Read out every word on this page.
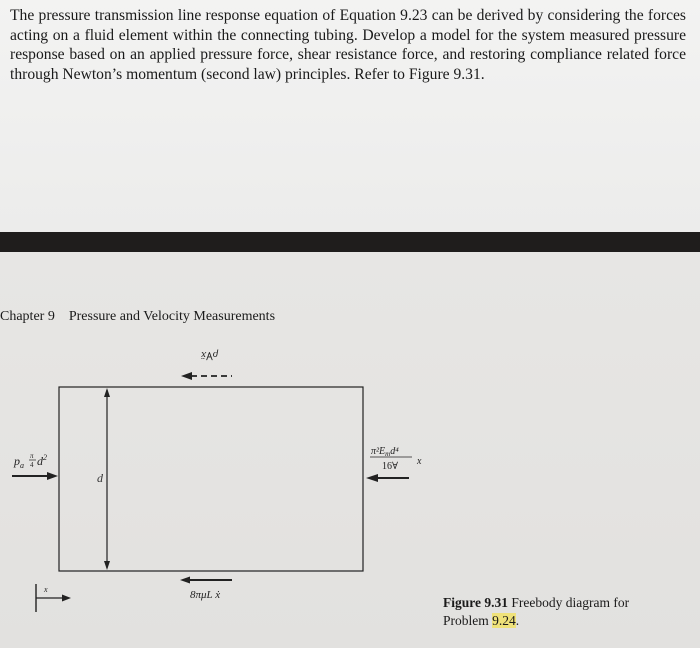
The pressure transmission line response equation of Equation 9.23 can be derived by considering the forces acting on a fluid element within the connecting tubing. Develop a model for the system measured pressure response based on an applied pressure force, shear resistance force, and restoring compliance related force through Newton’s momentum (second law) principles. Refer to Figure 9.31.
Chapter 9 Pressure and Velocity Measurements
d
ρ∀ẍ
$p_a$
π
4 $d^2$
$\pi^2E_md^4$
16∀ x
8πμL ẋ
x
Figure 9.31 Freebody diagram for
Problem 9.24.
